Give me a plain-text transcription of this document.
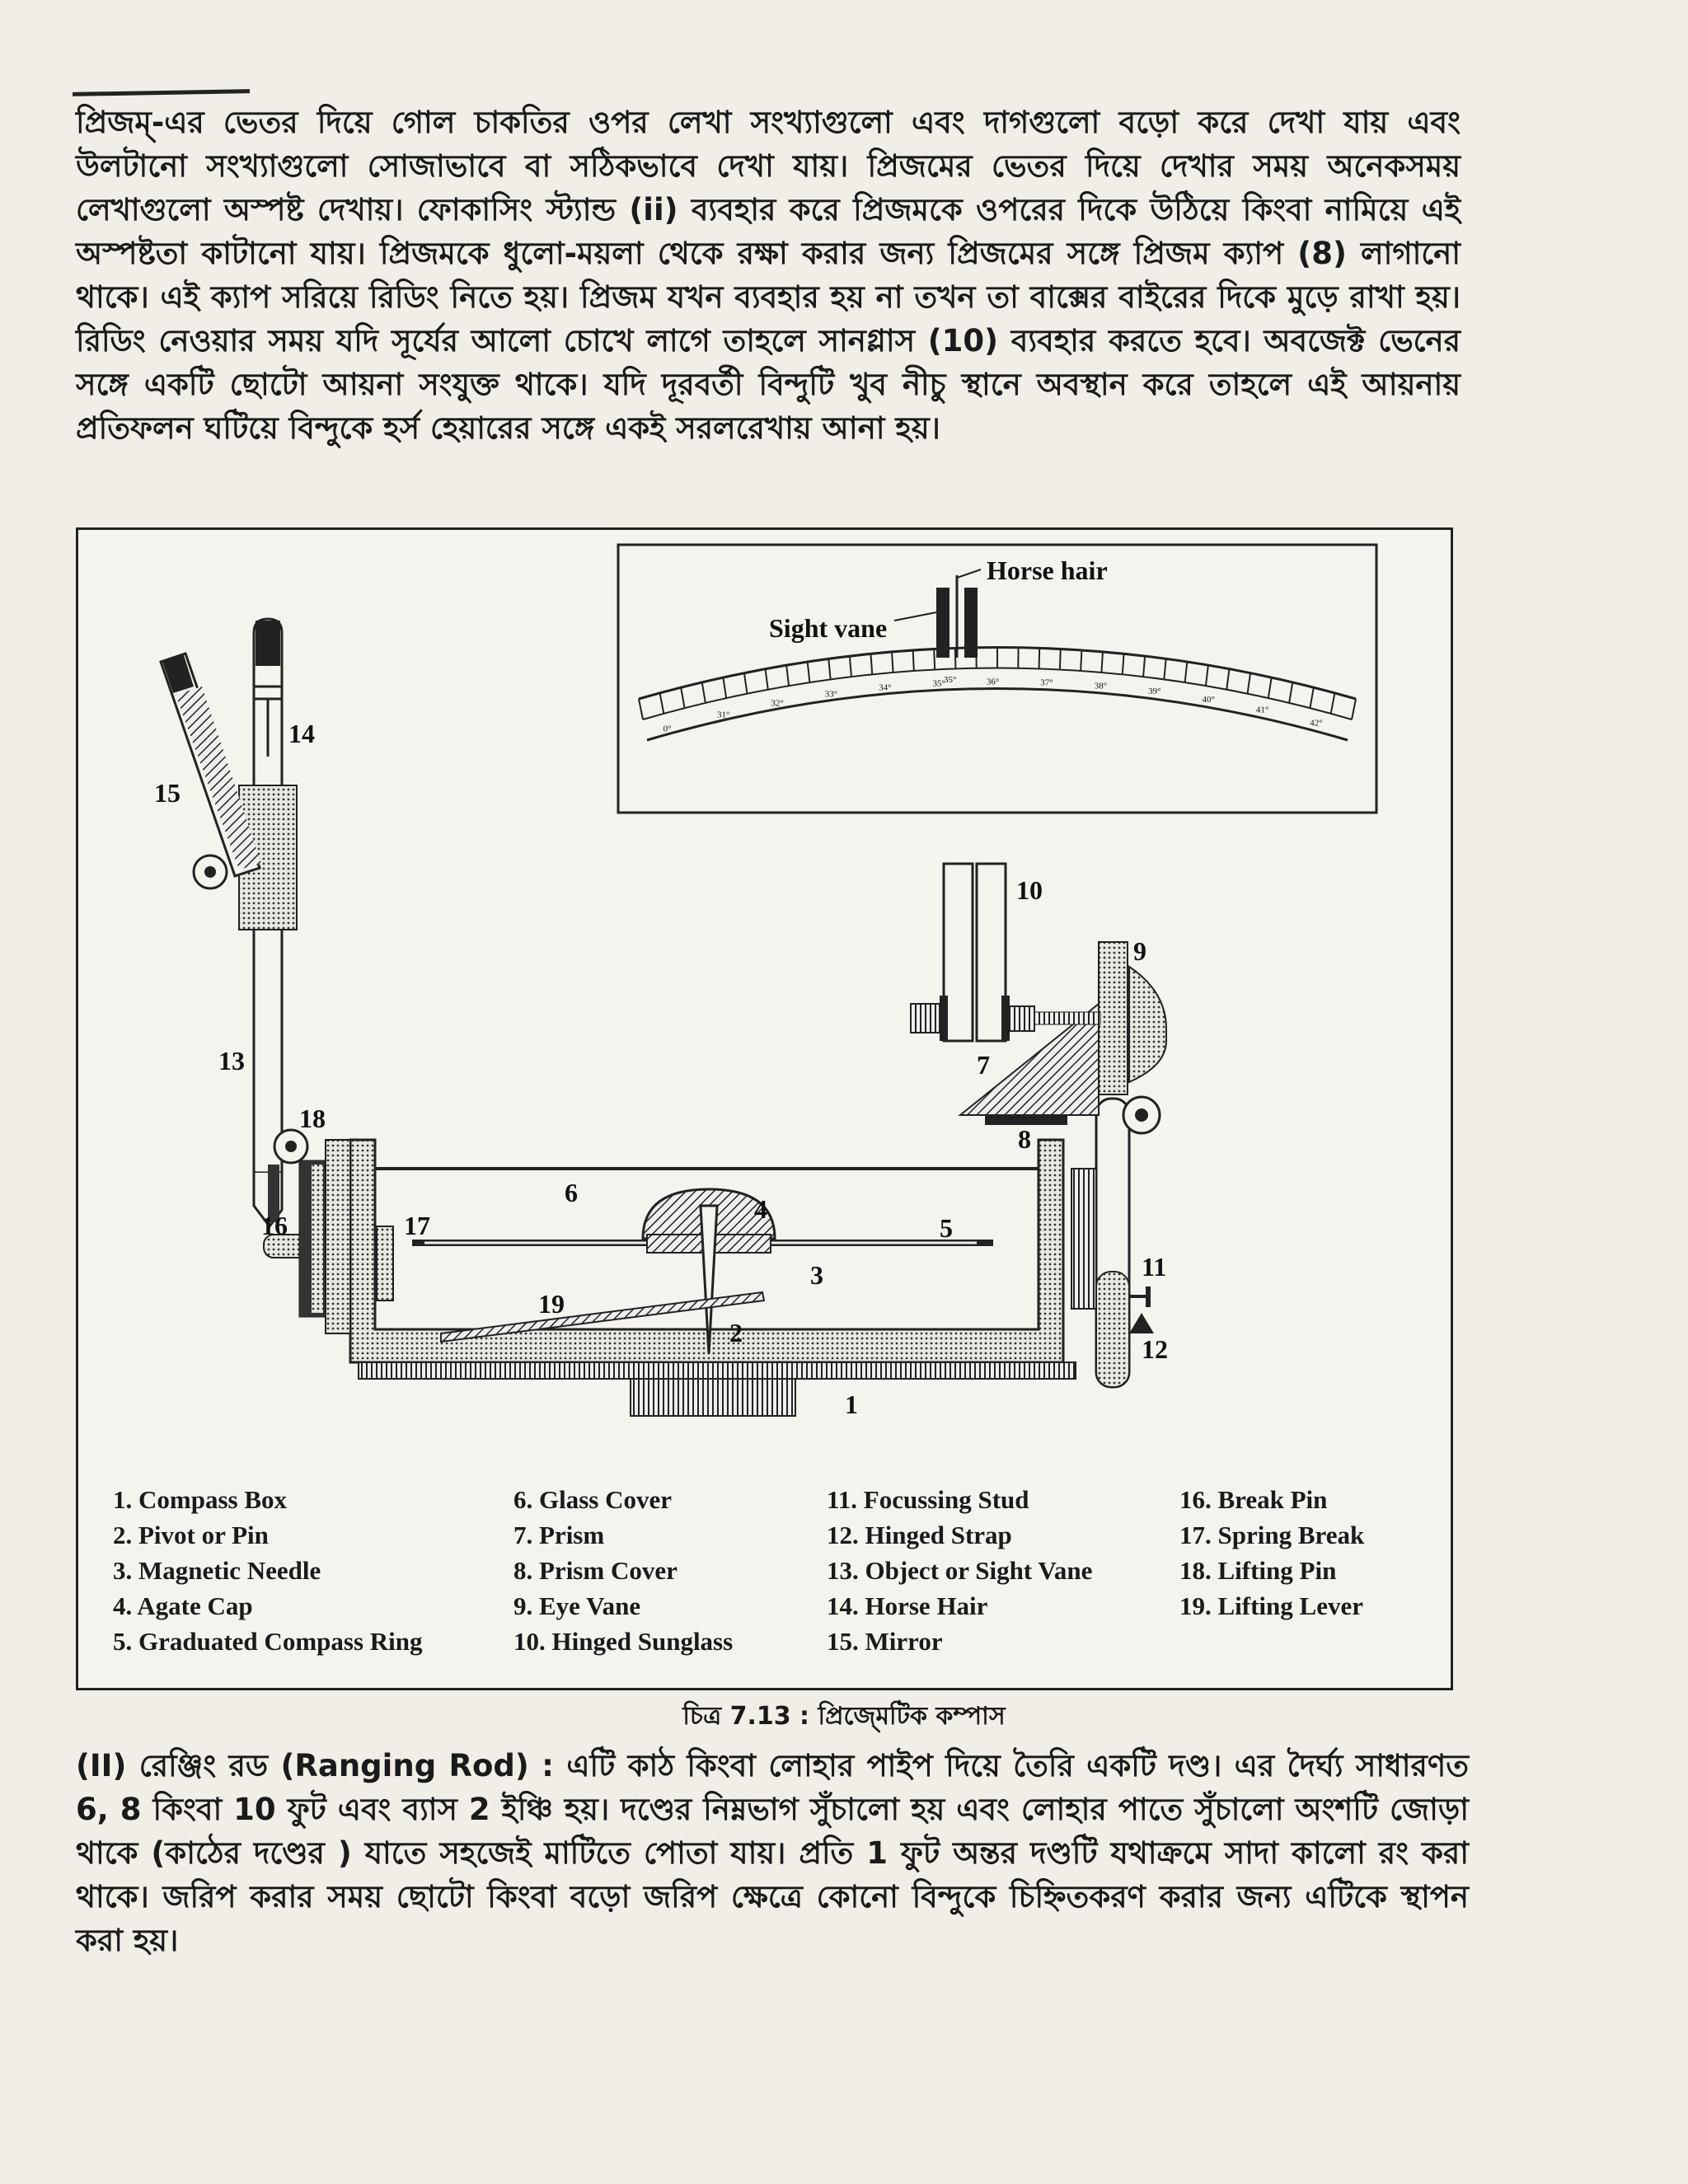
প্রিজম্-এর ভেতর দিয়ে গোল চাকতির ওপর লেখা সংখ্যাগুলো এবং দাগগুলো বড়ো করে দেখা যায় এবং উলটানো সংখ্যাগুলো সোজাভাবে বা সঠিকভাবে দেখা যায়। প্রিজমের ভেতর দিয়ে দেখার সময় অনেকসময় লেখাগুলো অস্পষ্ট দেখায়। ফোকাসিং স্ট্যান্ড (ii) ব্যবহার করে প্রিজমকে ওপরের দিকে উঠিয়ে কিংবা নামিয়ে এই অস্পষ্টতা কাটানো যায়। প্রিজমকে ধুলো-ময়লা থেকে রক্ষা করার জন্য প্রিজমের সঙ্গে প্রিজম ক্যাপ (8) লাগানো থাকে। এই ক্যাপ সরিয়ে রিডিং নিতে হয়। প্রিজম যখন ব্যবহার হয় না তখন তা বাক্সের বাইরের দিকে মুড়ে রাখা হয়। রিডিং নেওয়ার সময় যদি সূর্যের আলো চোখে লাগে তাহলে সানগ্লাস (10) ব্যবহার করতে হবে। অবজেক্ট ভেনের সঙ্গে একটি ছোটো আয়না সংযুক্ত থাকে। যদি দূরবর্তী বিন্দুটি খুব নীচু স্থানে অবস্থান করে তাহলে এই আয়নায় প্রতিফলন ঘটিয়ে বিন্দুকে হর্স হেয়ারের সঙ্গে একই সরলরেখায় আনা হয়।
0°
31°
32°
33°
34°	35°	36°	37°	38°
39°
40°
41°
42°
Horse hair
Sight vane
35°
1
2
3
4
5
6
7
8
9
10
11
12
13
14
15
16	17
18
19
1. Compass Box
2. Pivot or Pin
3. Magnetic Needle
4. Agate Cap
5. Graduated Compass Ring
6. Glass Cover
7. Prism
8. Prism Cover
9. Eye Vane
10. Hinged Sunglass
11. Focussing Stud
12. Hinged Strap
13. Object or Sight Vane
14. Horse Hair
15. Mirror
16. Break Pin
17. Spring Break
18. Lifting Pin
19. Lifting Lever
চিত্র 7.13 : প্রিজ্মেটিক কম্পাস
(II) রেঞ্জিং রড (Ranging Rod) : এটি কাঠ কিংবা লোহার পাইপ দিয়ে তৈরি একটি দণ্ড। এর দৈর্ঘ্য সাধারণত 6, 8 কিংবা 10 ফুট এবং ব্যাস 2 ইঞ্চি হয়। দণ্ডের নিম্নভাগ সুঁচালো হয় এবং লোহার পাতে সুঁচালো অংশটি জোড়া থাকে (কাঠের দণ্ডের ) যাতে সহজেই মাটিতে পোতা যায়। প্রতি 1 ফুট অন্তর দণ্ডটি যথাক্রমে সাদা কালো রং করা থাকে। জরিপ করার সময় ছোটো কিংবা বড়ো জরিপ ক্ষেত্রে কোনো বিন্দুকে চিহ্নিতকরণ করার জন্য এটিকে স্থাপন করা হয়।
